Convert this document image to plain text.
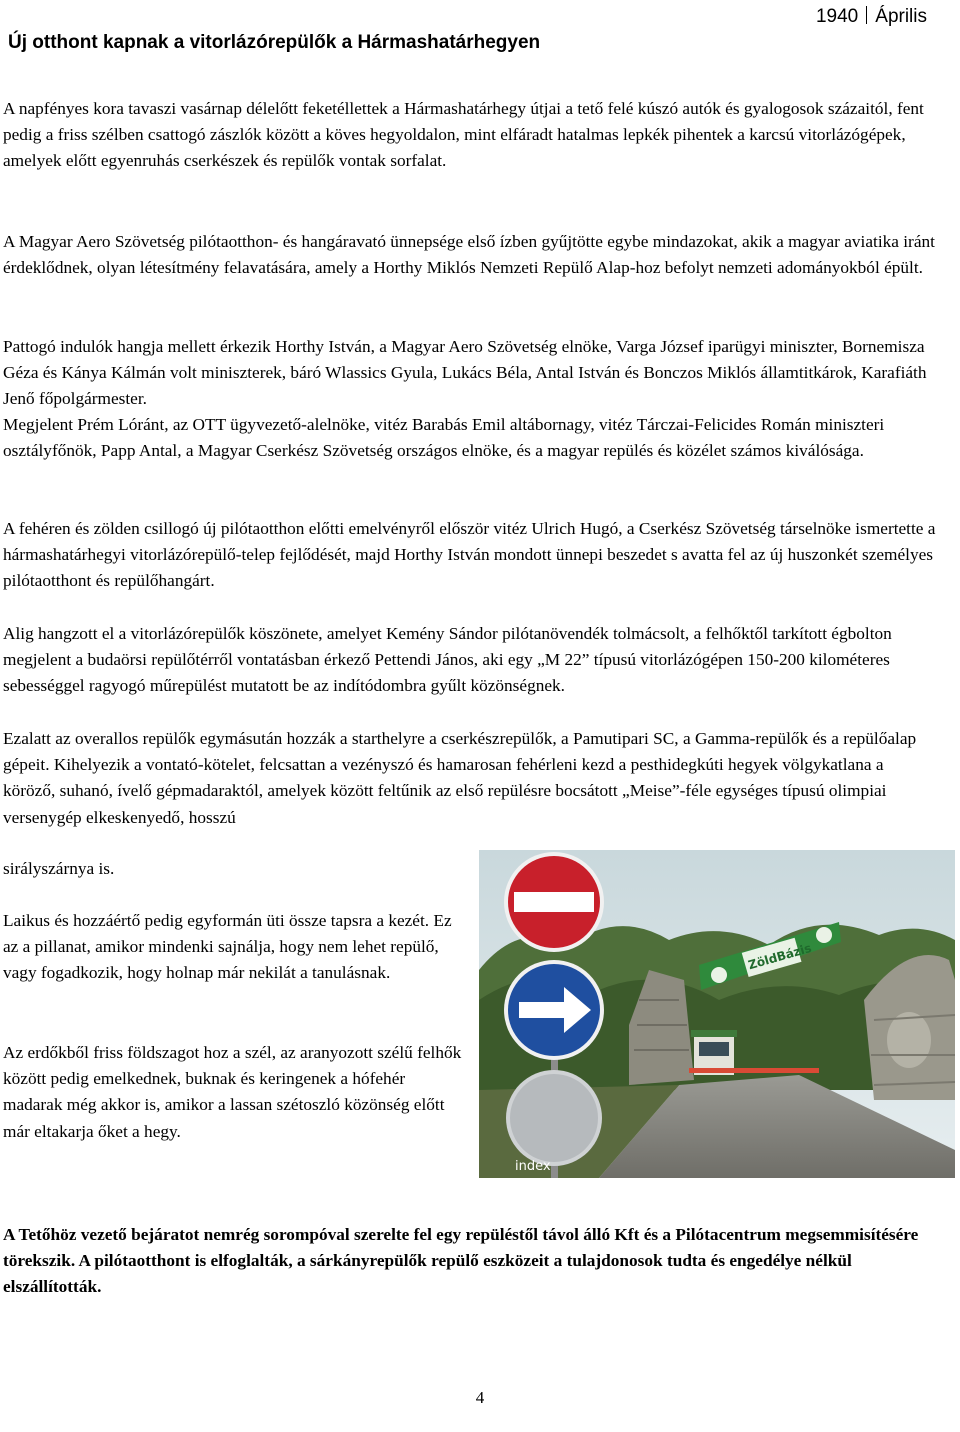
Új otthont kapnak a vitorlázórepülők a Hármashatárhegyen
1940 Április

A napfényes kora tavaszi vasárnap délelőtt feketéllettek a Hármashatárhegy útjai a tető felé kúszó autók és gyalogosok százaitól, fent pedig a friss szélben csattogó zászlók között a köves hegyoldalon, mint elfáradt hatalmas lepkék pihentek a karcsú vitorlázógépek, amelyek előtt egyenruhás cserkészek és repülők vontak sorfalat.

A Magyar Aero Szövetség pilótaotthon- és hangáravató ünnepsége első ízben gyűjtötte egybe mindazokat, akik a magyar aviatika iránt érdeklődnek, olyan létesítmény felavatására, amely a Horthy Miklós Nemzeti Repülő Alap-hoz befolyt nemzeti adományokból épült.

Pattogó indulók hangja mellett érkezik Horthy István, a Magyar Aero Szövetség elnöke, Varga József iparügyi miniszter, Bornemisza Géza és Kánya Kálmán volt miniszterek, báró Wlassics Gyula, Lukács Béla, Antal István és Bonczos Miklós államtitkárok, Karafiáth Jenő főpolgármester.

Megjelent Prém Lóránt, az OTT ügyvezető-alelnöke, vitéz Barabás Emil altábornagy, vitéz Tárczai-Felicides Román miniszteri osztályfőnök, Papp Antal, a Magyar Cserkész Szövetség országos elnöke, és a magyar repülés és közélet számos kiválósága.

A fehéren és zölden csillogó új pilótaotthon előtti emelvényről először vitéz Ulrich Hugó, a Cserkész Szövetség társelnöke ismertette a hármashatárhegyi vitorlázórepülő-telep fejlődését, majd Horthy István mondott ünnepi beszedet s avatta fel az új huszonkét személyes pilótaotthont és repülőhangárt.

Alig hangzott el a vitorlázórepülők köszönete, amelyet Kemény Sándor pilótanövendék tolmácsolt, a felhőktől tarkított égbolton megjelent a budaörsi repülőtérről vontatásban érkező Pettendi János, aki egy „M 22” típusú vitorlázógépen 150-200 kilométeres sebességgel ragyogó műrepülést mutatott be az indítódombra gyűlt közönségnek.

Ezalatt az overallos repülők egymásután hozzák a starthelyre a cserkészrepülők, a Pamutipari SC, a Gamma-repülők és a repülőalap gépeit. Kihelyezik a vontató-kötelet, felcsattan a vezényszó és hamarosan fehérleni kezd a pesthidegkúti hegyek völgykatlana a köröző, suhanó, ívelő gépmadaraktól, amelyek között feltűnik az első repülésre bocsátott „Meise”-féle egységes típusú olimpiai versenygép elkeskenyedő, hosszú

sirályszárnya is.

Laikus és hozzáértő pedig egyformán üti össze tapsra a kezét. Ez az a pillanat, amikor mindenki sajnálja, hogy nem lehet repülő, vagy fogadkozik, hogy holnap már nekilát a tanulásnak.

Az erdőkből friss földszagot hoz a szél, az aranyozott szélű felhők között pedig emelkednek, buknak és keringenek a hófehér madarak még akkor is, amikor a lassan szétoszló közönség előtt már eltakarja őket a hegy.

A Tetőhöz vezető bejáratot nemrég sorompóval szerelte fel egy repüléstől távol álló Kft és a Pilótacentrum megsemmisítésére törekszik. A pilótaotthont is elfoglalták, a sárkányrepülők repülő eszközeit a tulajdonosok tudta és engedélye nélkül elszállították.

ZöldBázis
index
4
